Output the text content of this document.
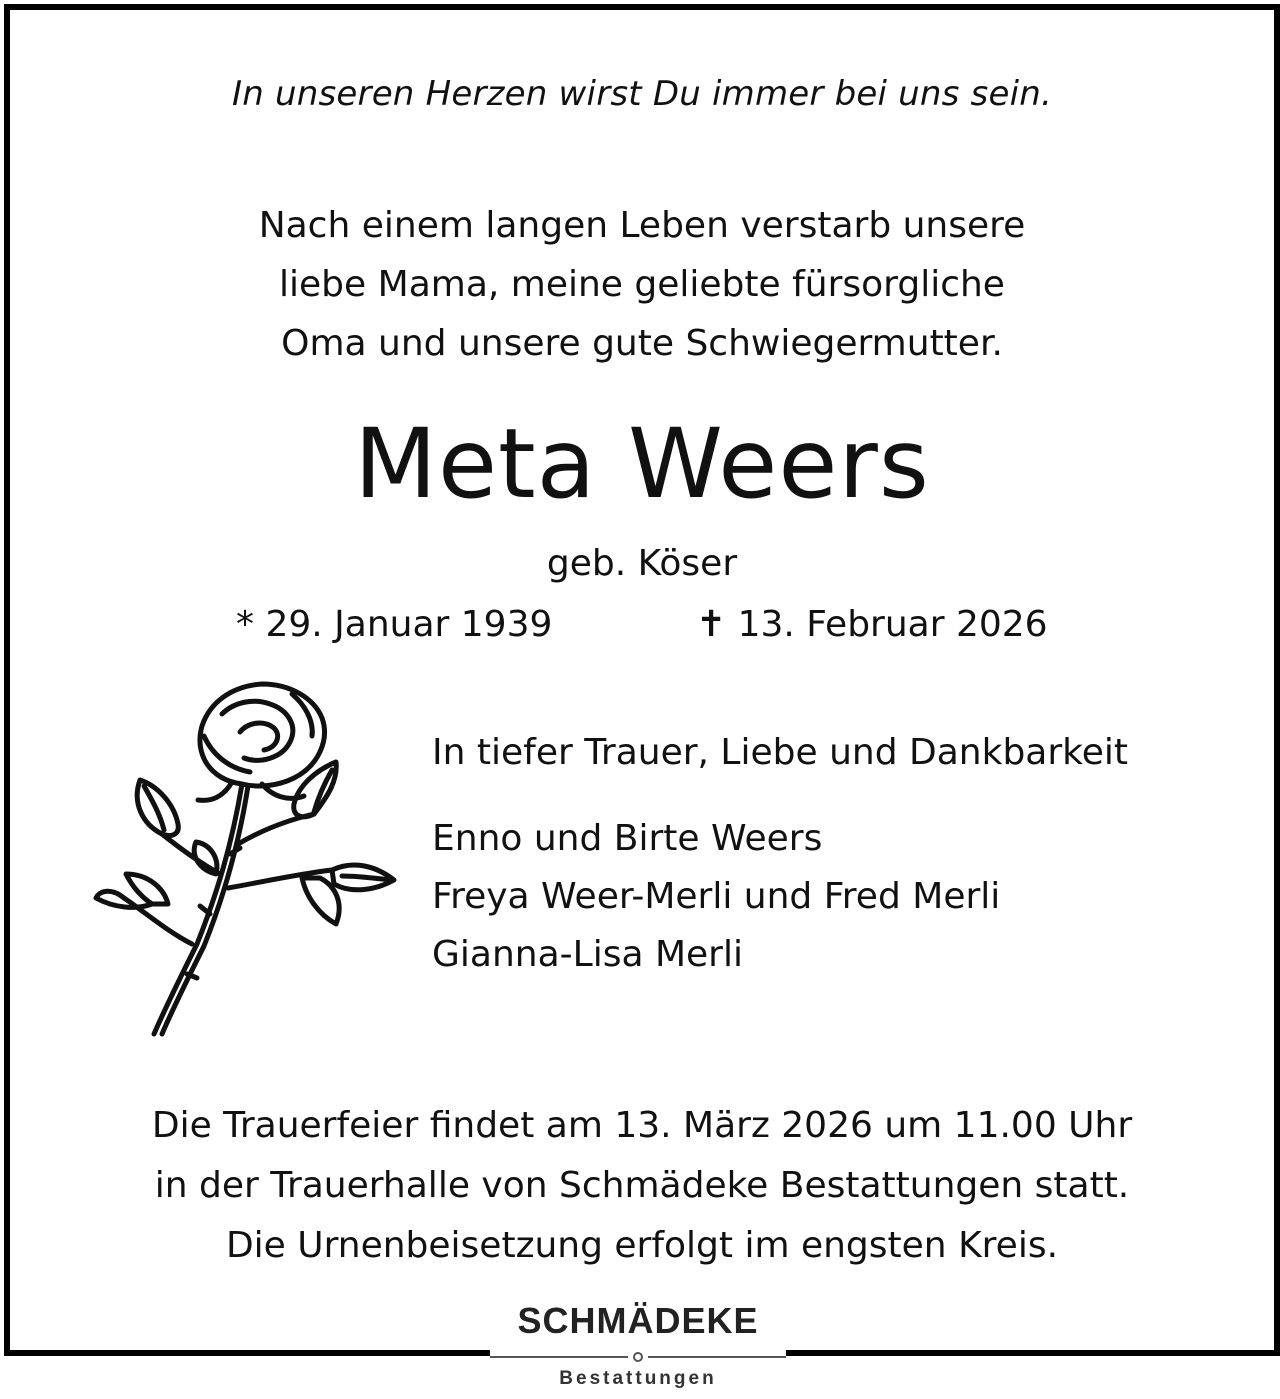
In unseren Herzen wirst Du immer bei uns sein.
Nach einem langen Leben verstarb unsere
liebe Mama, meine geliebte fürsorgliche
Oma und unsere gute Schwiegermutter.
Meta Weers
geb. Köser
* 29. Januar 1939	✝ 13. Februar 2026
In tiefer Trauer, Liebe und Dankbarkeit
Enno und Birte Weers
Freya Weer-Merli und Fred Merli
Gianna-Lisa Merli
Die Trauerfeier findet am 13. März 2026 um 11.00 Uhr
in der Trauerhalle von Schmädeke Bestattungen statt.
Die Urnenbeisetzung erfolgt im engsten Kreis.
SCHMÄDEKE
Bestattungen
